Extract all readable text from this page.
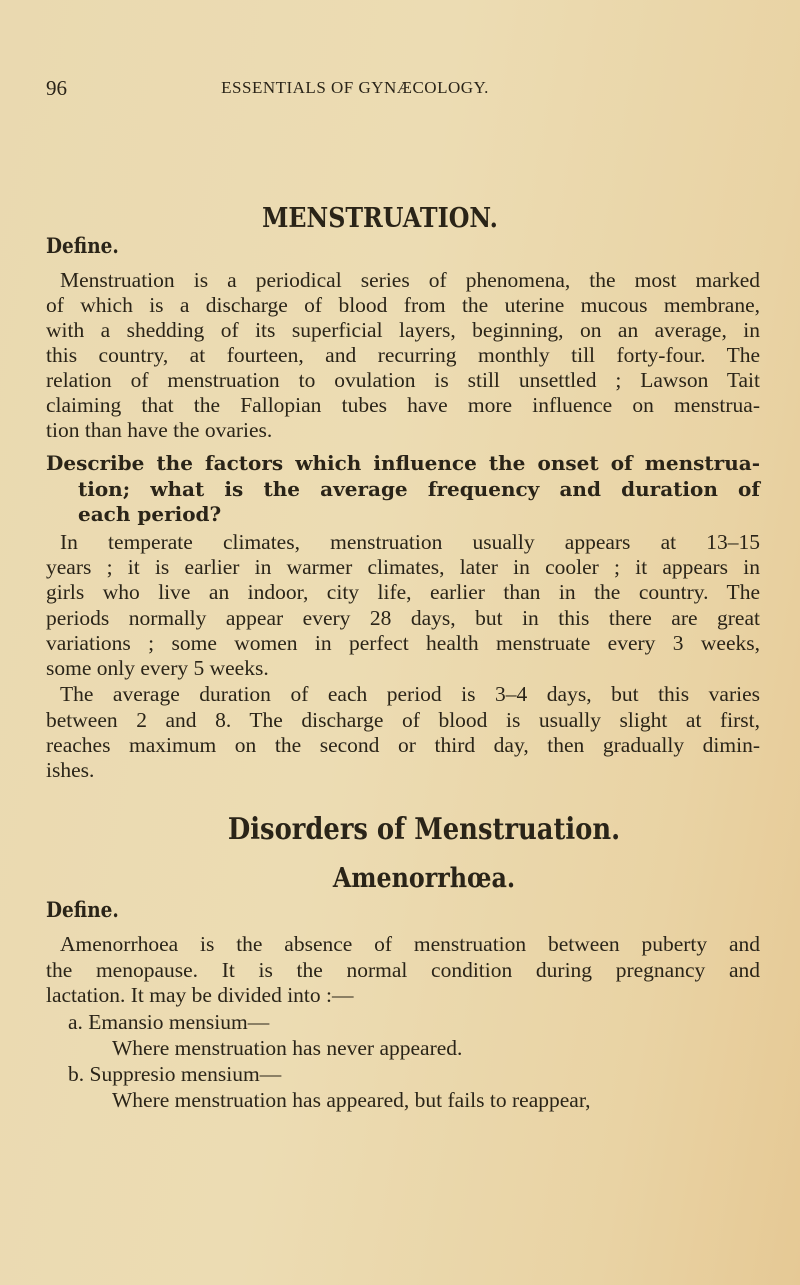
96	ESSENTIALS OF GYNÆCOLOGY.
MENSTRUATION.
Define.
Menstruation is a periodical series of phenomena, the most marked
of which is a discharge of blood from the uterine mucous membrane,
with a shedding of its superficial layers, beginning, on an average, in
this country, at fourteen, and recurring monthly till forty-four. The
relation of menstruation to ovulation is still unsettled ; Lawson Tait
claiming that the Fallopian tubes have more influence on menstrua-
tion than have the ovaries.
Describe the factors which influence the onset of menstrua-
tion; what is the average frequency and duration of
each period?
In temperate climates, menstruation usually appears at 13–15
years ; it is earlier in warmer climates, later in cooler ; it appears in
girls who live an indoor, city life, earlier than in the country. The
periods normally appear every 28 days, but in this there are great
variations ; some women in perfect health menstruate every 3 weeks,
some only every 5 weeks.
The average duration of each period is 3–4 days, but this varies
between 2 and 8. The discharge of blood is usually slight at first,
reaches maximum on the second or third day, then gradually dimin-
ishes.
Disorders of Menstruation.
Amenorrhœa.
Define.
Amenorrhoea is the absence of menstruation between puberty and
the menopause. It is the normal condition during pregnancy and
lactation. It may be divided into :—
a. Emansio mensium—
Where menstruation has never appeared.
b. Suppresio mensium—
Where menstruation has appeared, but fails to reappear,
